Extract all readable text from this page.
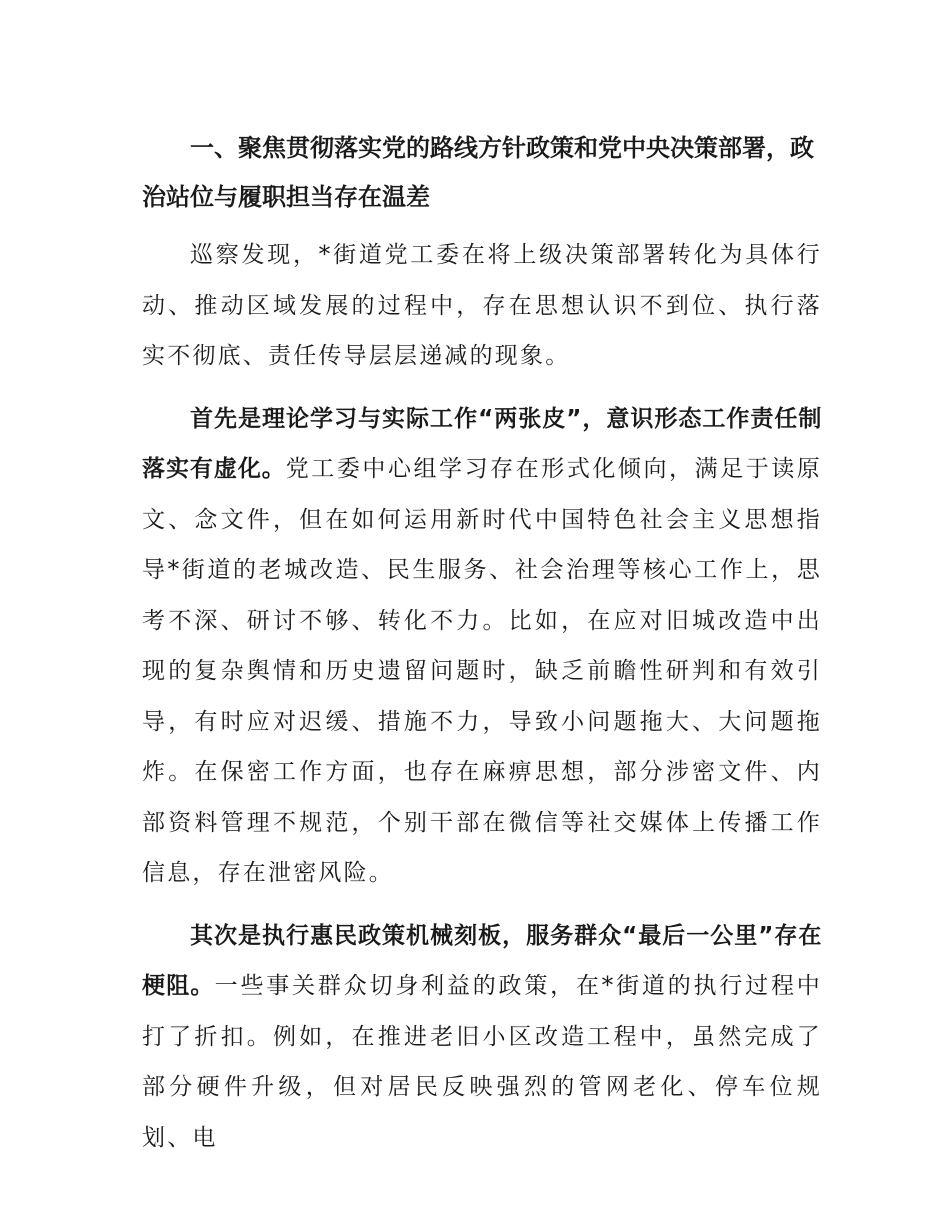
一、聚焦贯彻落实党的路线方针政策和党中央决策部署，政治站位与履职担当存在温差

巡察发现，*街道党工委在将上级决策部署转化为具体行动、推动区域发展的过程中，存在思想认识不到位、执行落实不彻底、责任传导层层递减的现象。

首先是理论学习与实际工作“两张皮”，意识形态工作责任制落实有虚化。党工委中心组学习存在形式化倾向，满足于读原文、念文件，但在如何运用新时代中国特色社会主义思想指导*街道的老城改造、民生服务、社会治理等核心工作上，思考不深、研讨不够、转化不力。比如，在应对旧城改造中出现的复杂舆情和历史遗留问题时，缺乏前瞻性研判和有效引导，有时应对迟缓、措施不力，导致小问题拖大、大问题拖炸。在保密工作方面，也存在麻痹思想，部分涉密文件、内部资料管理不规范，个别干部在微信等社交媒体上传播工作信息，存在泄密风险。

其次是执行惠民政策机械刻板，服务群众“最后一公里”存在梗阻。一些事关群众切身利益的政策，在*街道的执行过程中打了折扣。例如，在推进老旧小区改造工程中，虽然完成了部分硬件升级，但对居民反映强烈的管网老化、停车位规划、电
